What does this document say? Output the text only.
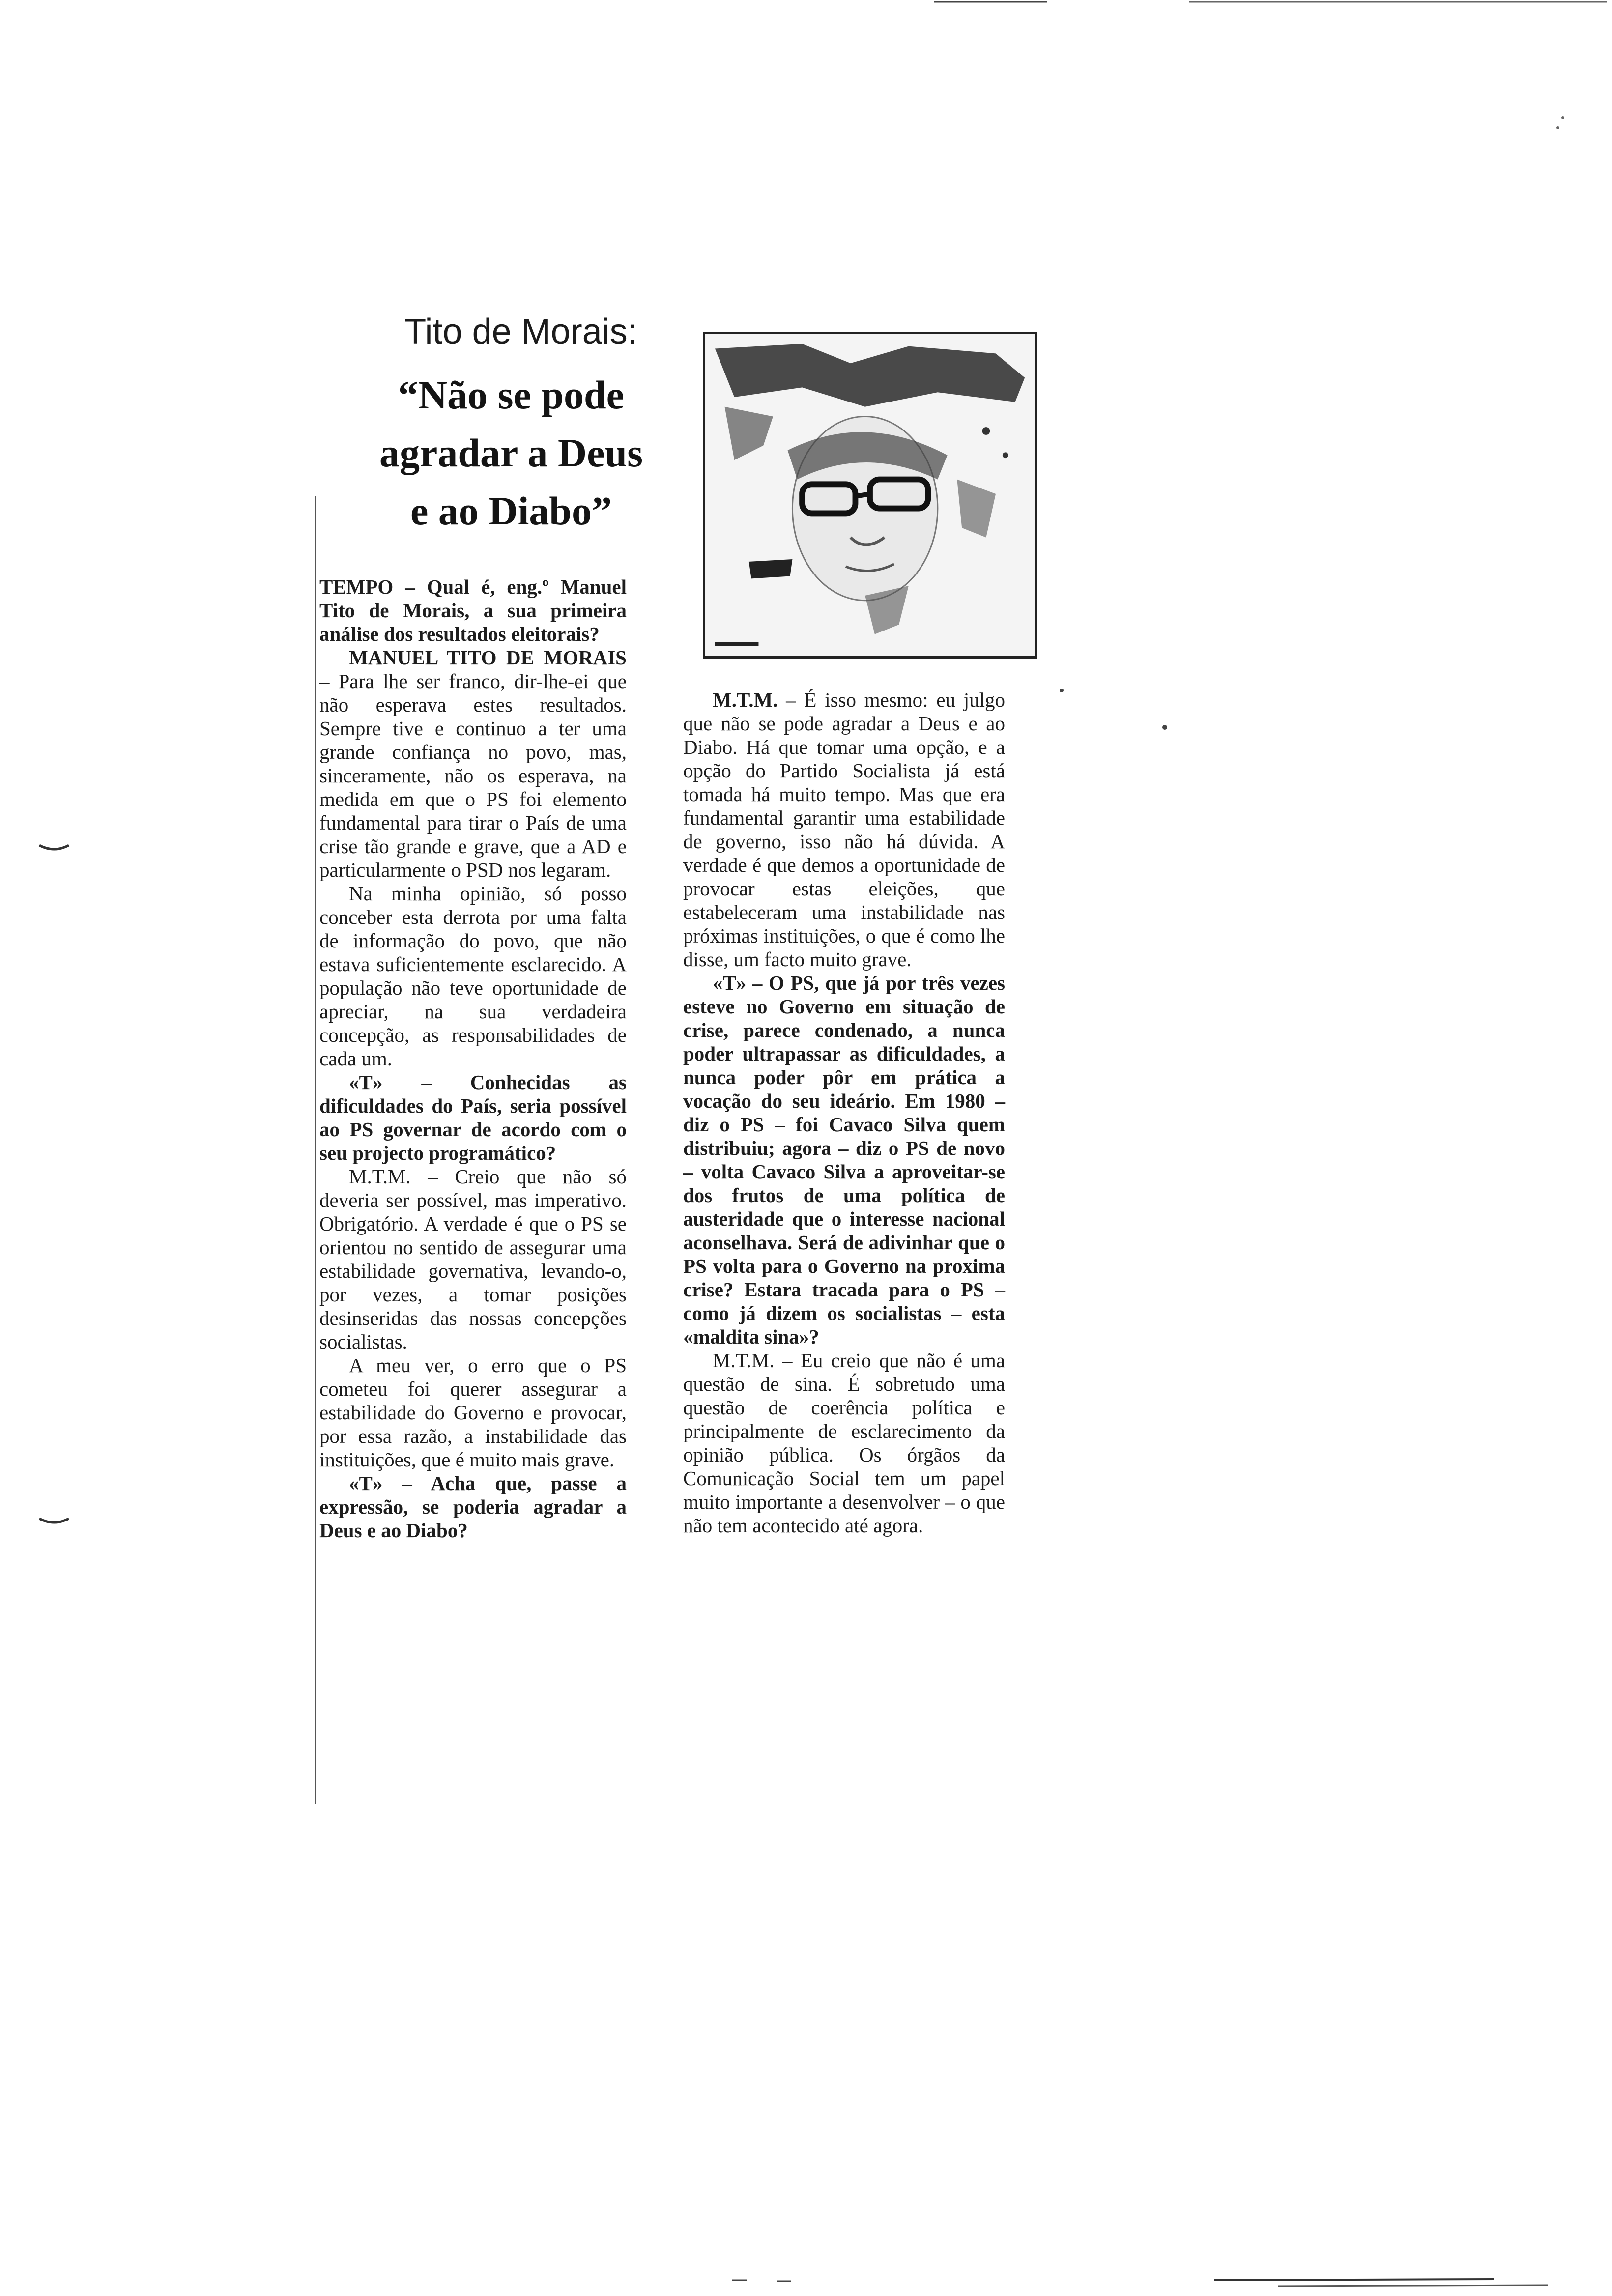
Tito de Morais:
“Não se pode
agradar a Deus
e ao Diabo”

TEMPO – Qual é, eng.º Manuel Tito de Morais, a sua primeira análise dos resultados eleitorais?

MANUEL TITO DE MORAIS – Para lhe ser franco, dir-lhe-ei que não esperava estes resultados. Sempre tive e continuo a ter uma grande confiança no povo, mas, sinceramente, não os esperava, na medida em que o PS foi elemento fundamental para tirar o País de uma crise tão grande e grave, que a AD e particularmente o PSD nos legaram.

Na minha opinião, só posso conceber esta derrota por uma falta de informação do povo, que não estava suficientemente esclarecido. A população não teve oportunidade de apreciar, na sua verdadeira concepção, as responsabilidades de cada um.

«T» – Conhecidas as dificuldades do País, seria possível ao PS governar de acordo com o seu projecto programático?

M.T.M. – Creio que não só deveria ser possível, mas imperativo. Obrigatório. A verdade é que o PS se orientou no sentido de assegurar uma estabilidade governativa, levando-o, por vezes, a tomar posições desinseridas das nossas concepções socialistas.

A meu ver, o erro que o PS cometeu foi querer assegurar a estabilidade do Governo e provocar, por essa razão, a instabilidade das instituições, que é muito mais grave.

«T» – Acha que, passe a expressão, se poderia agradar a Deus e ao Diabo?

M.T.M. – É isso mesmo: eu julgo que não se pode agradar a Deus e ao Diabo. Há que tomar uma opção, e a opção do Partido Socialista já está tomada há muito tempo. Mas que era fundamental garantir uma estabilidade de governo, isso não há dúvida. A verdade é que demos a oportunidade de provocar estas eleições, que estabeleceram uma instabilidade nas próximas instituições, o que é como lhe disse, um facto muito grave.

«T» – O PS, que já por três vezes esteve no Governo em situação de crise, parece condenado, a nunca poder ultrapassar as dificuldades, a nunca poder pôr em prática a vocação do seu ideário. Em 1980 – diz o PS – foi Cavaco Silva quem distribuiu; agora – diz o PS de novo – volta Cavaco Silva a aproveitar-se dos frutos de uma política de austeridade que o interesse nacional aconselhava. Será de adivinhar que o PS volta para o Governo na proxima crise? Estara tracada para o PS – como já dizem os socialistas – esta «maldita sina»?

M.T.M. – Eu creio que não é uma questão de sina. É sobretudo uma questão de coerência política e principalmente de esclarecimento da opinião pública. Os órgãos da Comunicação Social tem um papel muito importante a desenvolver – o que não tem acontecido até agora.
